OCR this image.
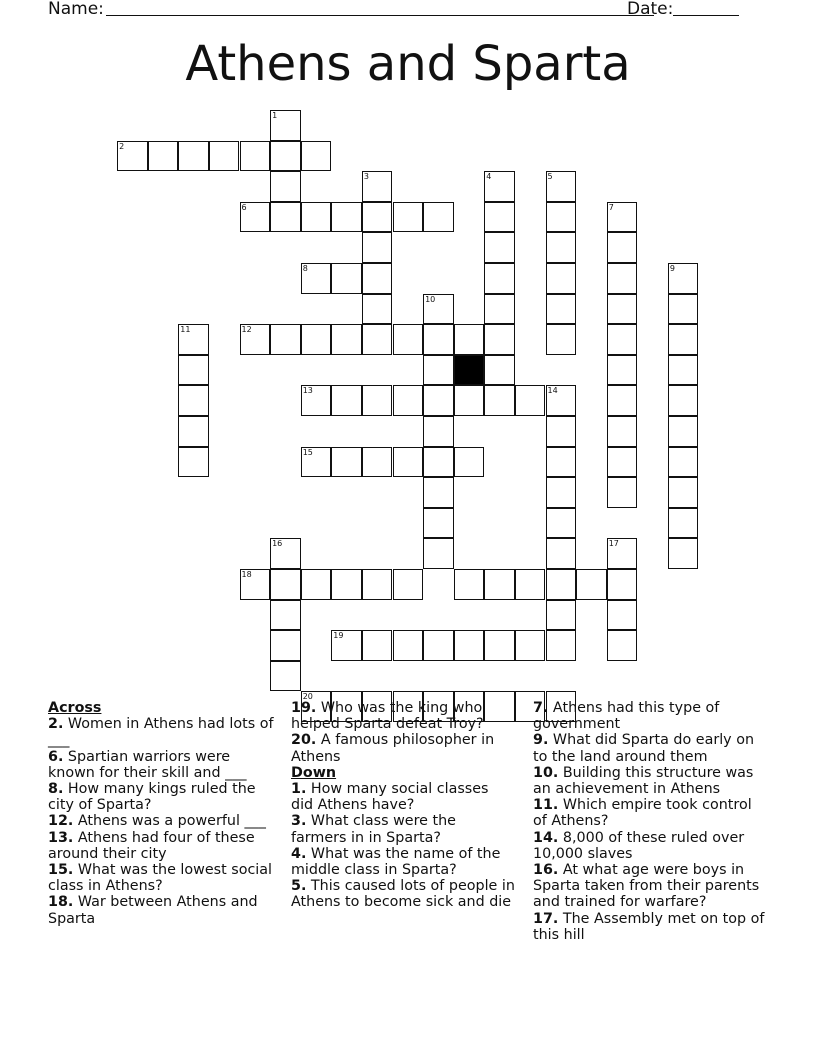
Name:	Date:
Athens and Sparta
1
2
3	4	5
6	7
9
8
10
11	12
13	14
15
16	17
18
19
20
Across

2. Women in Athens had lots of ___

6. Spartian warriors were known for their skill and ___

8. How many kings ruled the city of Sparta?

12. Athens was a powerful ___

13. Athens had four of these around their city

15. What was the lowest social class in Athens?

18. War between Athens and Sparta

19. Who was the king who helped Sparta defeat Troy?

20. A famous philosopher in Athens

Down

1. How many social classes did Athens have?

3. What class were the farmers in in Sparta?

4. What was the name of the middle class in Sparta?

5. This caused lots of people in Athens to become sick and die

7. Athens had this type of government

9. What did Sparta do early on to the land around them

10. Building this structure was an achievement in Athens

11. Which empire took control of Athens?

14. 8,000 of these ruled over 10,000 slaves

16. At what age were boys in Sparta taken from their parents and trained for warfare?

17. The Assembly met on top of this hill
